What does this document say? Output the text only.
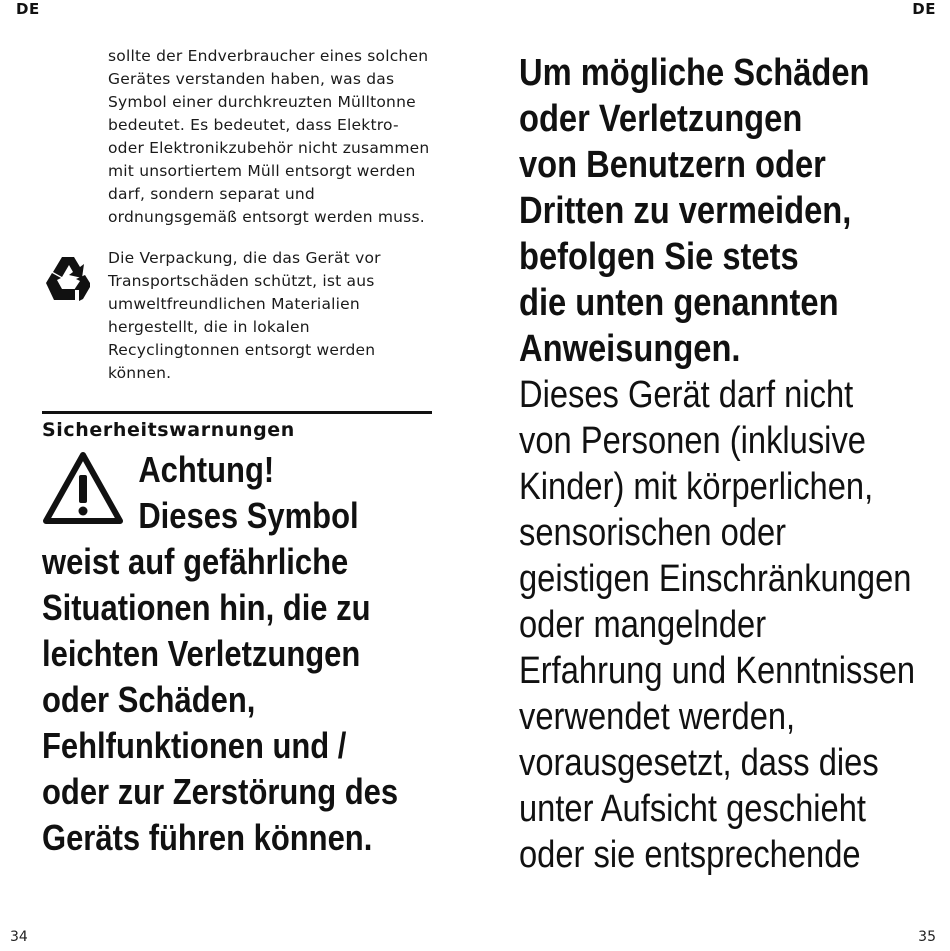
DE	DE

sollte der Endverbraucher eines solchen Gerätes verstanden haben, was das Symbol einer durchkreuzten Mülltonne bedeutet. Es bedeutet, dass Elektro- oder Elektronikzubehör nicht zusammen mit unsortiertem Müll entsorgt werden darf, sondern separat und ordnungsgemäß entsorgt werden muss.

Die Verpackung, die das Gerät vor Transportschäden schützt, ist aus umweltfreundlichen Materialien hergestellt, die in lokalen Recyclingtonnen entsorgt werden können.

Sicherheitswarnungen
Achtung!
Dieses Symbol
weist auf gefährliche
Situationen hin, die zu
leichten Verletzungen
oder Schäden,
Fehlfunktionen und /
oder zur Zerstörung des
Geräts führen können.
Um mögliche Schäden
oder Verletzungen
von Benutzern oder
Dritten zu vermeiden,
befolgen Sie stets
die unten genannten
Anweisungen.
Dieses Gerät darf nicht
von Personen (inklusive
Kinder) mit körperlichen,
sensorischen oder
geistigen Einschränkungen
oder mangelnder
Erfahrung und Kenntnissen
verwendet werden,
vorausgesetzt, dass dies
unter Aufsicht geschieht
oder sie entsprechende
34	35
